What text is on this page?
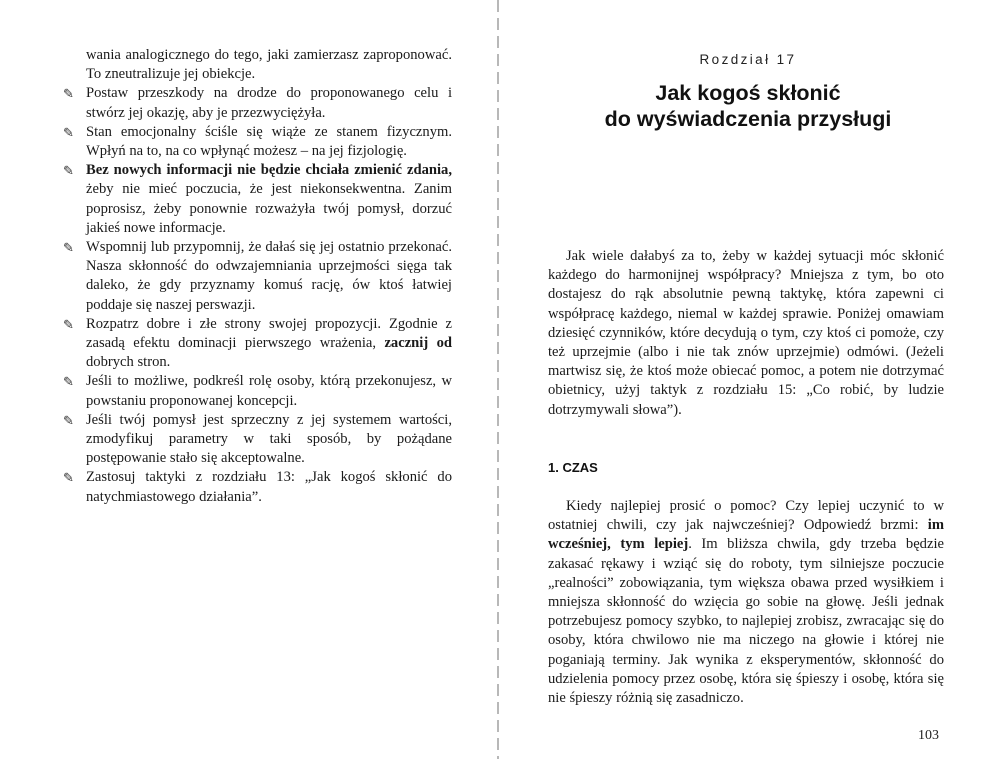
wania analogicznego do tego, jaki zamierzasz zaproponować. To zneutralizuje jej obiekcje.

✎ Postaw przeszkody na drodze do proponowanego celu i stwórz jej okazję, aby je przezwyciężyła.

✎ Stan emocjonalny ściśle się wiąże ze stanem fizycznym. Wpłyń na to, na co wpłynąć możesz – na jej fizjologię.

✎ Bez nowych informacji nie będzie chciała zmienić zdania, żeby nie mieć poczucia, że jest niekonsekwentna. Zanim poprosisz, żeby ponownie rozważyła twój pomysł, dorzuć jakieś nowe informacje.

✎ Wspomnij lub przypomnij, że dałaś się jej ostatnio przekonać. Nasza skłonność do odwzajemniania uprzejmości sięga tak daleko, że gdy przyznamy komuś rację, ów ktoś łatwiej poddaje się naszej perswazji.

✎ Rozpatrz dobre i złe strony swojej propozycji. Zgodnie z zasadą efektu dominacji pierwszego wrażenia, zacznij od dobrych stron.

✎ Jeśli to możliwe, podkreśl rolę osoby, którą przekonujesz, w powstaniu proponowanej koncepcji.

✎ Jeśli twój pomysł jest sprzeczny z jej systemem wartości, zmodyfikuj parametry w taki sposób, by pożądane postępowanie stało się akceptowalne.

✎ Zastosuj taktyki z rozdziału 13: „Jak kogoś skłonić do natychmiastowego działania”.

Rozdział 17
Jak kogoś skłonić
do wyświadczenia przysługi

Jak wiele dałabyś za to, żeby w każdej sytuacji móc skłonić każdego do harmonijnej współpracy? Mniejsza z tym, bo oto dostajesz do rąk absolutnie pewną taktykę, która zapewni ci współpracę każdego, niemal w każdej sprawie. Poniżej omawiam dziesięć czynników, które decydują o tym, czy ktoś ci pomoże, czy też uprzejmie (albo i nie tak znów uprzejmie) odmówi. (Jeżeli martwisz się, że ktoś może obiecać pomoc, a potem nie dotrzymać obietnicy, użyj taktyk z rozdziału 15: „Co robić, by ludzie dotrzymywali słowa”).

1. CZAS

Kiedy najlepiej prosić o pomoc? Czy lepiej uczynić to w ostatniej chwili, czy jak najwcześniej? Odpowiedź brzmi: im wcześniej, tym lepiej. Im bliższa chwila, gdy trzeba będzie zakasać rękawy i wziąć się do roboty, tym silniejsze poczucie „realności” zobowiązania, tym większa obawa przed wysiłkiem i mniejsza skłonność do wzięcia go sobie na głowę. Jeśli jednak potrzebujesz pomocy szybko, to najlepiej zrobisz, zwracając się do osoby, która chwilowo nie ma niczego na głowie i której nie poganiają terminy. Jak wynika z eksperymentów, skłonność do udzielenia pomocy przez osobę, która się śpieszy i osobę, która się nie śpieszy różnią się zasadniczo.

103
